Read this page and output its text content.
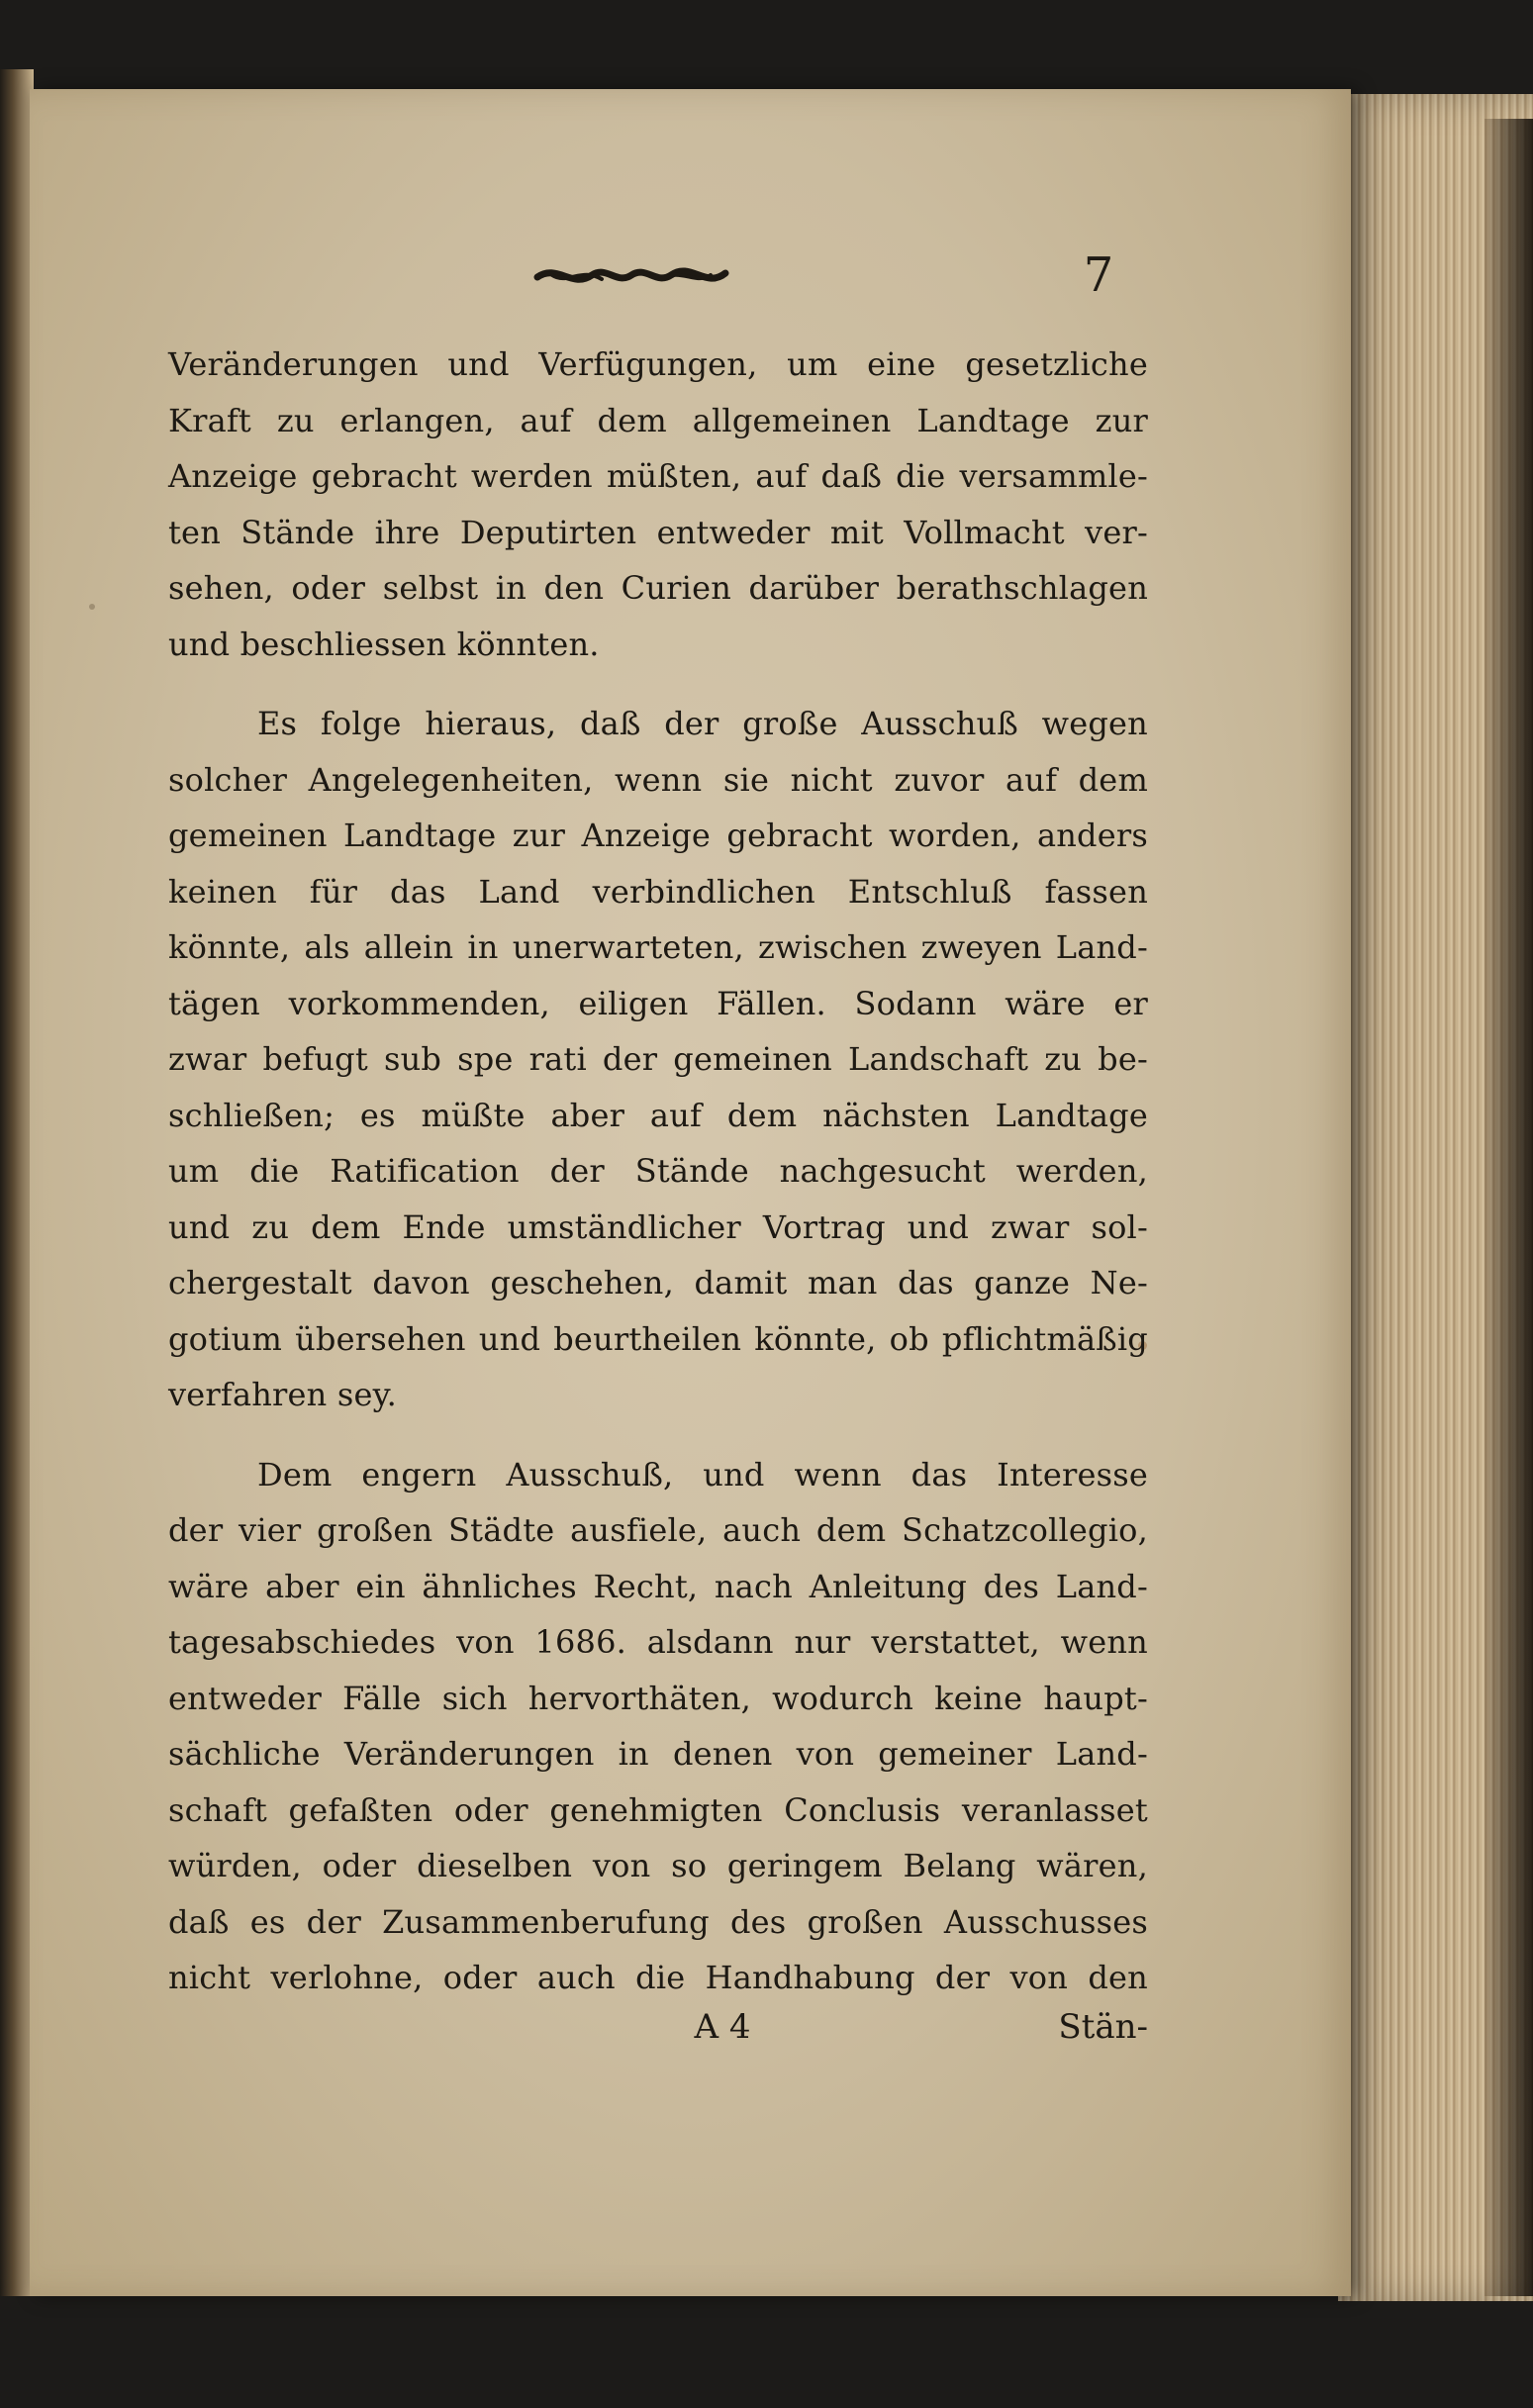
7
Veränderungen und Verfügungen, um eine gesetzliche
Kraft zu erlangen, auf dem allgemeinen Landtage zur
Anzeige gebracht werden müßten, auf daß die versammle-
ten Stände ihre Deputirten entweder mit Vollmacht ver-
sehen, oder selbst in den Curien darüber berathschlagen
und beschliessen könnten.
Es folge hieraus, daß der große Ausschuß wegen
solcher Angelegenheiten, wenn sie nicht zuvor auf dem
gemeinen Landtage zur Anzeige gebracht worden, anders
keinen für das Land verbindlichen Entschluß fassen
könnte, als allein in unerwarteten, zwischen zweyen Land-
tägen vorkommenden, eiligen Fällen. Sodann wäre er
zwar befugt sub spe rati der gemeinen Landschaft zu be-
schließen; es müßte aber auf dem nächsten Landtage
um die Ratification der Stände nachgesucht werden,
und zu dem Ende umständlicher Vortrag und zwar sol-
chergestalt davon geschehen, damit man das ganze Ne-
gotium übersehen und beurtheilen könnte, ob pflichtmäßig
verfahren sey.
Dem engern Ausschuß, und wenn das Interesse
der vier großen Städte ausfiele, auch dem Schatzcollegio,
wäre aber ein ähnliches Recht, nach Anleitung des Land-
tagesabschiedes von 1686. alsdann nur verstattet, wenn
entweder Fälle sich hervorthäten, wodurch keine haupt-
sächliche Veränderungen in denen von gemeiner Land-
schaft gefaßten oder genehmigten Conclusis veranlasset
würden, oder dieselben von so geringem Belang wären,
daß es der Zusammenberufung des großen Ausschusses
nicht verlohne, oder auch die Handhabung der von den
A 4	Stän-
